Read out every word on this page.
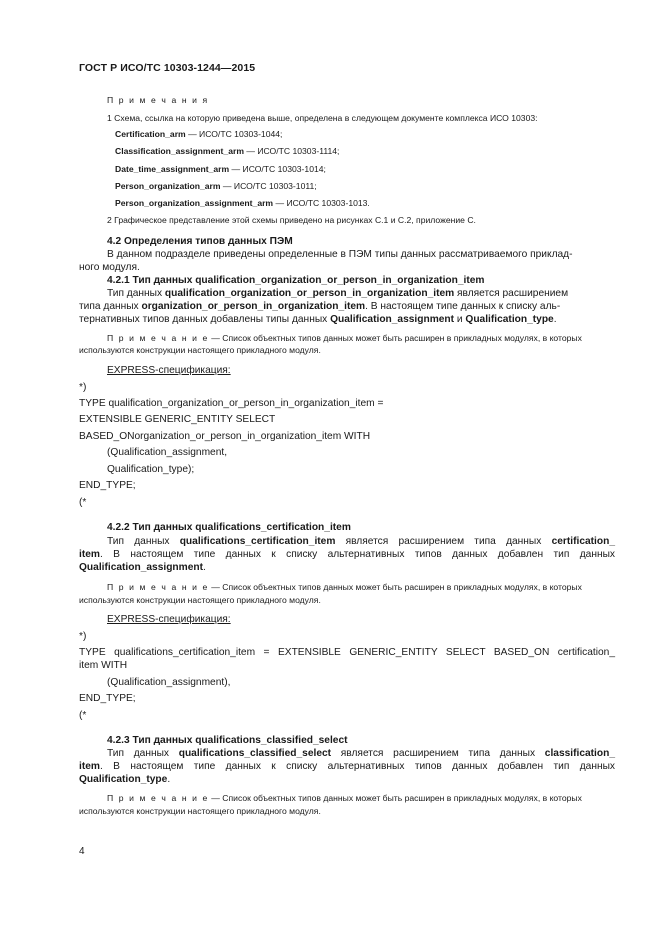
ГОСТ Р ИСО/ТС 10303-1244—2015
П р и м е ч а н и я
1 Схема, ссылка на которую приведена выше, определена в следующем документе комплекса ИСО 10303:
Certification_arm — ИСО/ТС 10303-1044;
Classification_assignment_arm — ИСО/ТС 10303-1114;
Date_time_assignment_arm — ИСО/ТС 10303-1014;
Person_organization_arm — ИСО/ТС 10303-1011;
Person_organization_assignment_arm — ИСО/ТС 10303-1013.
2 Графическое представление этой схемы приведено на рисунках С.1 и С.2, приложение С.
4.2 Определения типов данных ПЭМ
В данном подразделе приведены определенные в ПЭМ типы данных рассматриваемого приклад-
ного модуля.
4.2.1 Тип данных qualification_organization_or_person_in_organization_item
Тип данных qualification_organization_or_person_in_organization_item является расширением
типа данных organization_or_person_in_organization_item. В настоящем типе данных к списку аль-
тернативных типов данных добавлены типы данных Qualification_assignment и Qualification_type.
П р и м е ч а н и е — Список объектных типов данных может быть расширен в прикладных модулях, в которых
используются конструкции настоящего прикладного модуля.
EXPRESS-спецификация:
*)
TYPE qualification_organization_or_person_in_organization_item =
EXTENSIBLE GENERIC_ENTITY SELECT
BASED_ONorganization_or_person_in_organization_item WITH
(Qualification_assignment,
Qualification_type);
END_TYPE;
(*
4.2.2 Тип данных qualifications_certification_item
Тип данных qualifications_certification_item является расширением типа данных certification_
item. В настоящем типе данных к списку альтернативных типов данных добавлен тип данных
Qualification_assignment.
П р и м е ч а н и е — Список объектных типов данных может быть расширен в прикладных модулях, в которых
используются конструкции настоящего прикладного модуля.
EXPRESS-спецификация:
*)
TYPE qualifications_certification_item = EXTENSIBLE GENERIC_ENTITY SELECT BASED_ON certification_
item WITH
(Qualification_assignment),
END_TYPE;
(*
4.2.3 Тип данных qualifications_classified_select
Тип данных qualifications_classified_select является расширением типа данных classification_
item. В настоящем типе данных к списку альтернативных типов данных добавлен тип данных
Qualification_type.
П р и м е ч а н и е — Список объектных типов данных может быть расширен в прикладных модулях, в которых
используются конструкции настоящего прикладного модуля.
4
